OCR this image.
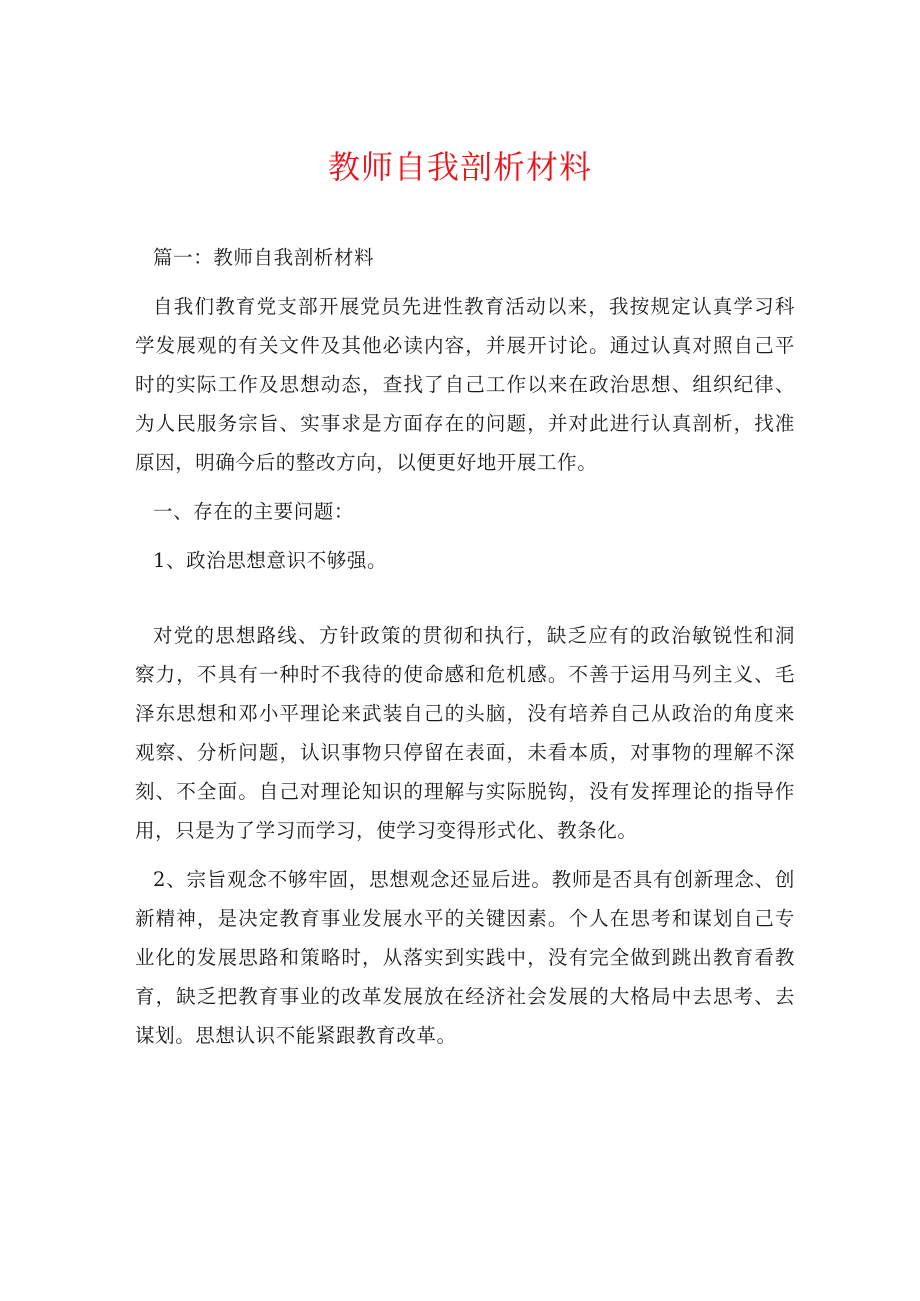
教师自我剖析材料

篇一：教师自我剖析材料

自我们教育党支部开展党员先进性教育活动以来，我按规定认真学习科学发展观的有关文件及其他必读内容，并展开讨论。通过认真对照自己平时的实际工作及思想动态，查找了自己工作以来在政治思想、组织纪律、为人民服务宗旨、实事求是方面存在的问题，并对此进行认真剖析，找准原因，明确今后的整改方向，以便更好地开展工作。

一、存在的主要问题：

1、政治思想意识不够强。

对党的思想路线、方针政策的贯彻和执行，缺乏应有的政治敏锐性和洞察力，不具有一种时不我待的使命感和危机感。不善于运用马列主义、毛泽东思想和邓小平理论来武装自己的头脑，没有培养自己从政治的角度来观察、分析问题，认识事物只停留在表面，未看本质，对事物的理解不深刻、不全面。自己对理论知识的理解与实际脱钩，没有发挥理论的指导作用，只是为了学习而学习，使学习变得形式化、教条化。

2、宗旨观念不够牢固，思想观念还显后进。教师是否具有创新理念、创新精神，是决定教育事业发展水平的关键因素。个人在思考和谋划自己专业化的发展思路和策略时，从落实到实践中，没有完全做到跳出教育看教育，缺乏把教育事业的改革发展放在经济社会发展的大格局中去思考、去谋划。思想认识不能紧跟教育改革。
